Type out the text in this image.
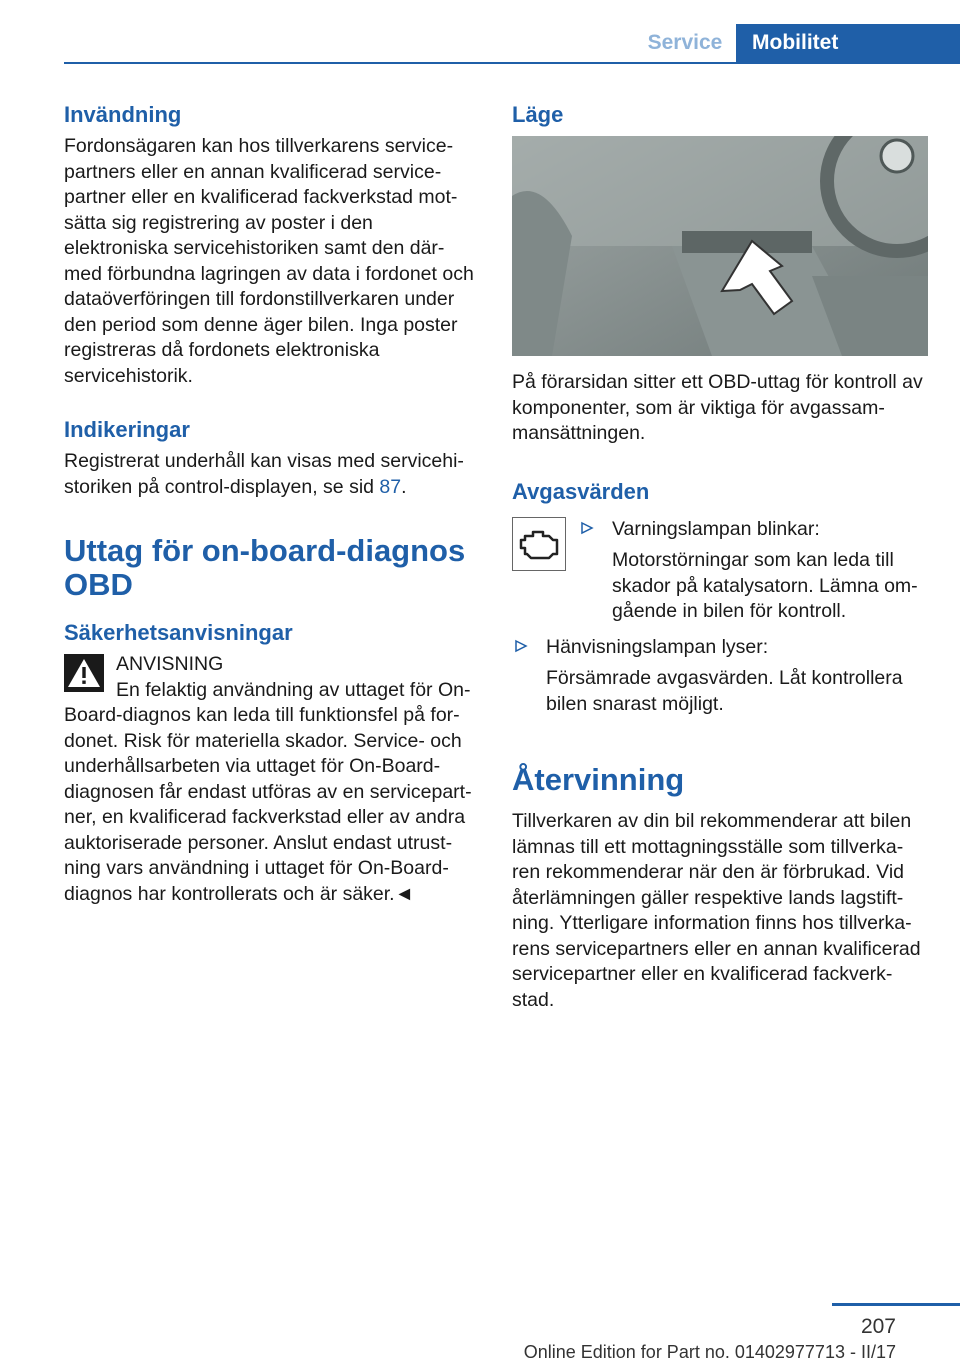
Service	Mobilitet
Invändning

Fordonsägaren kan hos tillverkarens service-partners eller en annan kvalificerad service-partner eller en kvalificerad fackverkstad mot-sätta sig registrering av poster i den elektroniska servicehistoriken samt den där-med förbundna lagringen av data i fordonet och dataöverföringen till fordonstillverkaren under den period som denne äger bilen. Inga poster registreras då fordonets elektroniska servicehistorik.

Indikeringar

Registrerat underhåll kan visas med servicehi-storiken på control-displayen, se sid 87.

Uttag för on-board-diagnos OBD
Säkerhetsanvisningar

ANVISNING

En felaktig användning av uttaget för On-

Board-diagnos kan leda till funktionsfel på for-donet. Risk för materiella skador. Service- och underhållsarbeten via uttaget för On-Board-diagnosen får endast utföras av en servicepart-ner, en kvalificerad fackverkstad eller av andra auktoriserade personer. Anslut endast utrust-ning vars användning i uttaget för On-Board-diagnos har kontrollerats och är säker.◄

Läge

På förarsidan sitter ett OBD-uttag för kontroll av komponenter, som är viktiga för avgassam-mansättningen.

Avgasvärden

Varningslampan blinkar:

Motorstörningar som kan leda till skador på katalysatorn. Lämna om-gående in bilen för kontroll.

Hänvisningslampan lyser:

Försämrade avgasvärden. Låt kontrollera bilen snarast möjligt.

Återvinning

Tillverkaren av din bil rekommenderar att bilen lämnas till ett mottagningsställe som tillverka-ren rekommenderar när den är förbrukad. Vid återlämningen gäller respektive lands lagstift-ning. Ytterligare information finns hos tillverka-rens servicepartners eller en annan kvalificerad servicepartner eller en kvalificerad fackverk-stad.

207
Online Edition for Part no. 01402977713 - II/17
